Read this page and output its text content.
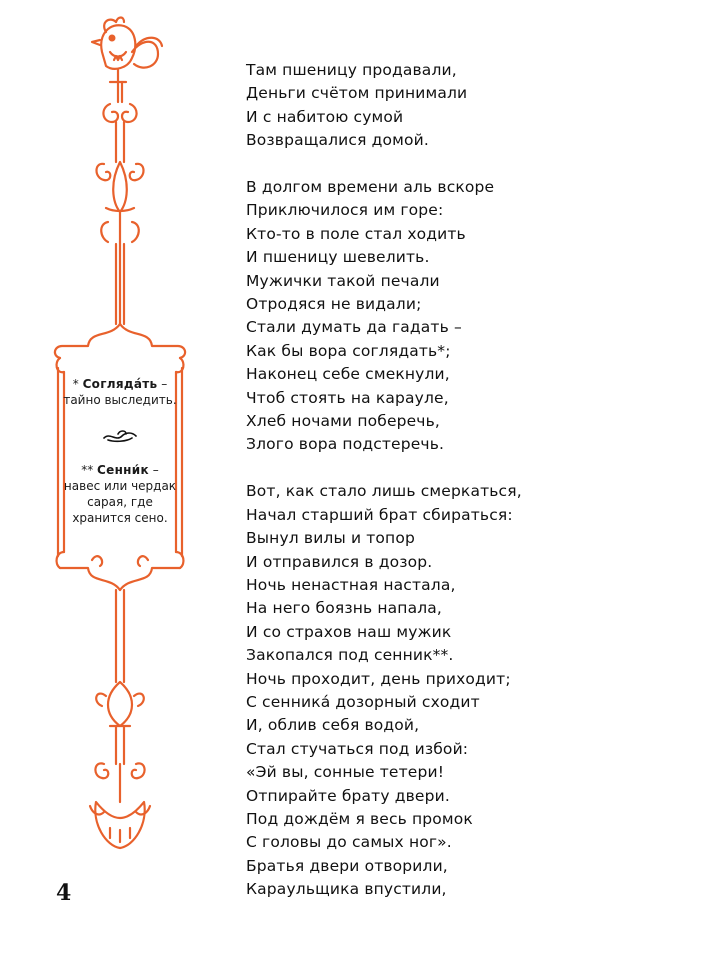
* Соглядáть –
тайно выследить.

** Сенни́к –
навес или чердак сарая, где хранится сено.

Там пшеницу продавали,
Деньги счётом принимали
И с набитою сумой
Возвращалися домой.
В долгом времени аль вскоре
Приключилося им горе:
Кто-то в поле стал ходить
И пшеницу шевелить.
Мужички такой печали
Отродяся не видали;
Стали думать да гадать –
Как бы вора соглядать*;
Наконец себе смекнули,
Чтоб стоять на карауле,
Хлеб ночами поберечь,
Злого вора подстеречь.
Вот, как стало лишь смеркаться,
Начал старший брат сбираться:
Вынул вилы и топор
И отправился в дозор.
Ночь ненастная настала,
На него боязнь напала,
И со страхов наш мужик
Закопался под сенник**.
Ночь проходит, день приходит;
С сенникá дозорный сходит
И, облив себя водой,
Стал стучаться под избой:
«Эй вы, сонные тетери!
Отпирайте брату двери.
Под дождём я весь промок
С головы до самых ног».
Братья двери отворили,
Караульщика впустили,
4
